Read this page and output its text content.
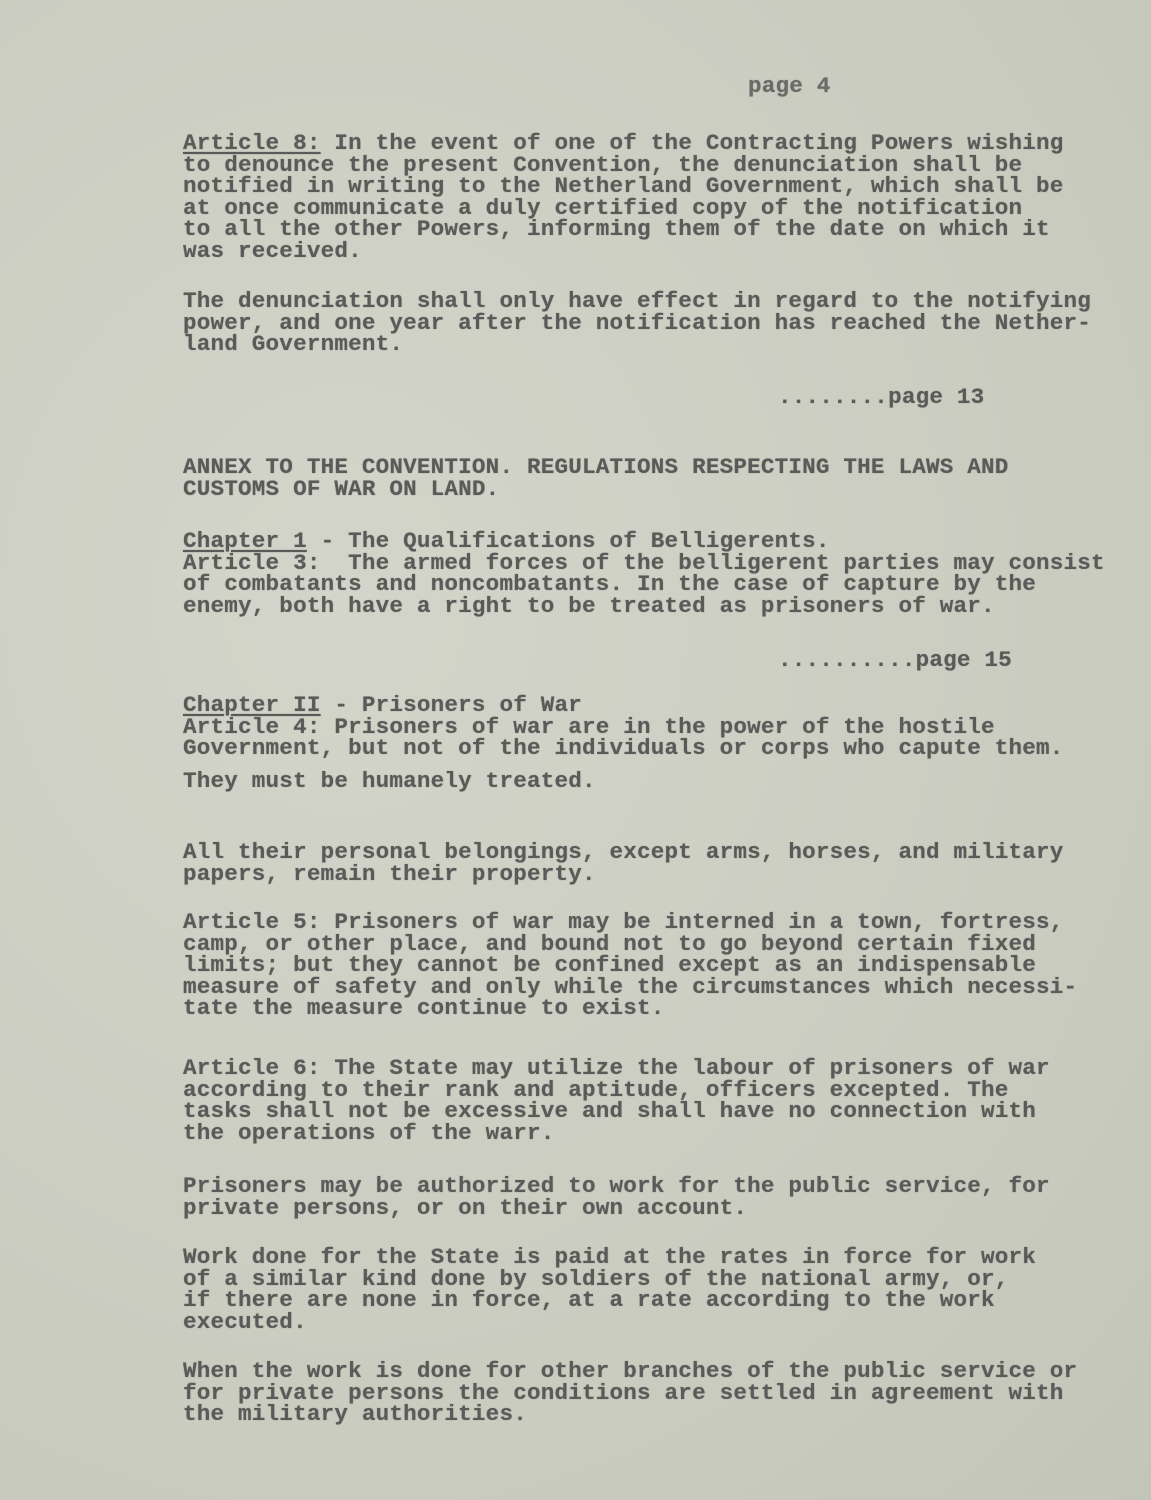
page 4
Article 8: In the event of one of the Contracting Powers wishing
to denounce the present Convention, the denunciation shall be
notified in writing to the Netherland Government, which shall be
at once communicate a duly certified copy of the notification
to all the other Powers, informing them of the date on which it
was received.
The denunciation shall only have effect in regard to the notifying
power, and one year after the notification has reached the Nether-
land Government.
........page 13
ANNEX TO THE CONVENTION. REGULATIONS RESPECTING THE LAWS AND
CUSTOMS OF WAR ON LAND.
Chapter 1 - The Qualifications of Belligerents.
Article 3:  The armed forces of the belligerent parties may consist
of combatants and noncombatants. In the case of capture by the
enemy, both have a right to be treated as prisoners of war.
..........page 15
Chapter II - Prisoners of War
Article 4: Prisoners of war are in the power of the hostile
Government, but not of the individuals or corps who capute them.
They must be humanely treated.
All their personal belongings, except arms, horses, and military
papers, remain their property.
Article 5: Prisoners of war may be interned in a town, fortress,
camp, or other place, and bound not to go beyond certain fixed
limits; but they cannot be confined except as an indispensable
measure of safety and only while the circumstances which necessi-
tate the measure continue to exist.
Article 6: The State may utilize the labour of prisoners of war
according to their rank and aptitude, officers excepted. The
tasks shall not be excessive and shall have no connection with
the operations of the warr.
Prisoners may be authorized to work for the public service, for
private persons, or on their own account.
Work done for the State is paid at the rates in force for work
of a similar kind done by soldiers of the national army, or,
if there are none in force, at a rate according to the work
executed.
When the work is done for other branches of the public service or
for private persons the conditions are settled in agreement with
the military authorities.
